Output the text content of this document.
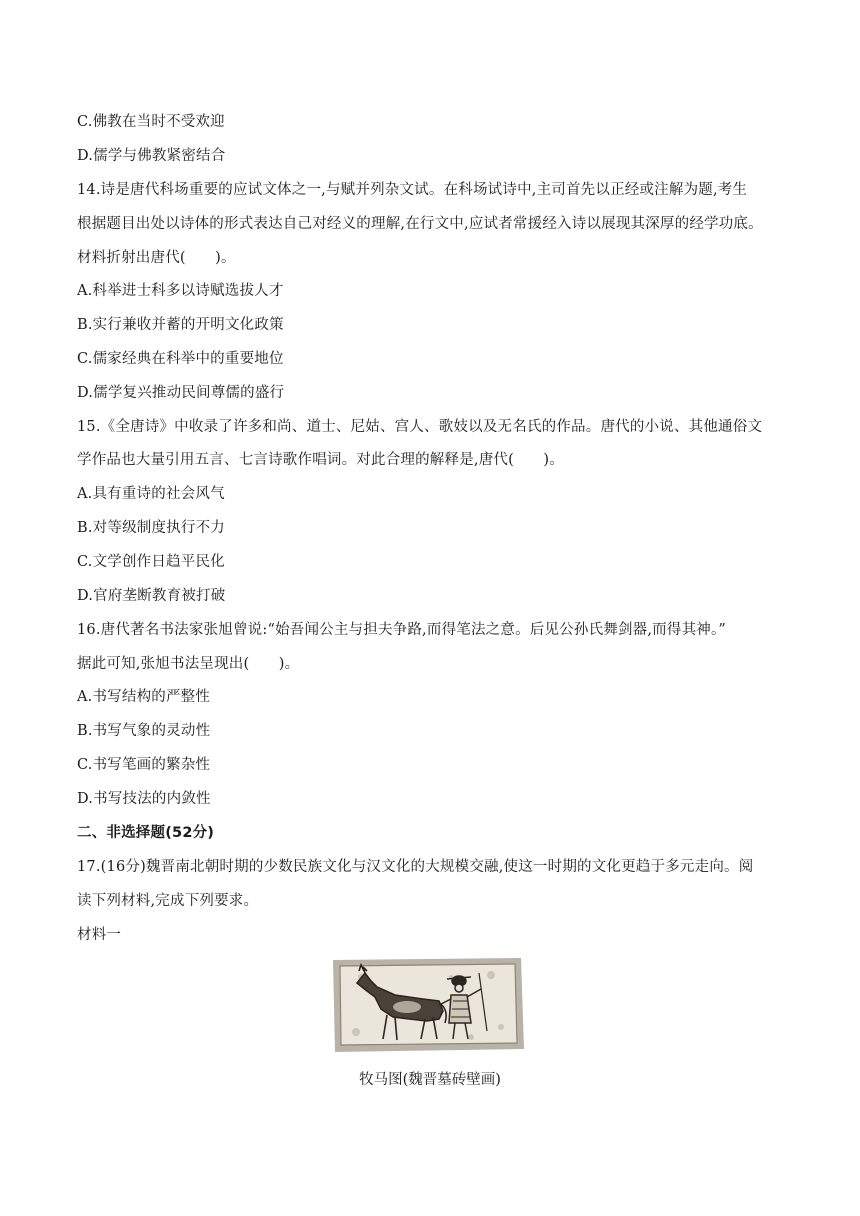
C.佛教在当时不受欢迎
D.儒学与佛教紧密结合
14.诗是唐代科场重要的应试文体之一,与赋并列杂文试。在科场试诗中,主司首先以正经或注解为题,考生
根据题目出处以诗体的形式表达自己对经义的理解,在行文中,应试者常援经入诗以展现其深厚的经学功底。
材料折射出唐代(　　)。
A.科举进士科多以诗赋选拔人才
B.实行兼收并蓄的开明文化政策
C.儒家经典在科举中的重要地位
D.儒学复兴推动民间尊儒的盛行
15.《全唐诗》中收录了许多和尚、道士、尼姑、宫人、歌妓以及无名氏的作品。唐代的小说、其他通俗文
学作品也大量引用五言、七言诗歌作唱词。对此合理的解释是,唐代(　　)。
A.具有重诗的社会风气
B.对等级制度执行不力
C.文学创作日趋平民化
D.官府垄断教育被打破
16.唐代著名书法家张旭曾说:“始吾闻公主与担夫争路,而得笔法之意。后见公孙氏舞剑器,而得其神。”
据此可知,张旭书法呈现出(　　)。
A.书写结构的严整性
B.书写气象的灵动性
C.书写笔画的繁杂性
D.书写技法的内敛性
二、非选择题(52分)
17.(16分)魏晋南北朝时期的少数民族文化与汉文化的大规模交融,使这一时期的文化更趋于多元走向。阅
读下列材料,完成下列要求。
材料一
牧马图(魏晋墓砖壁画)
